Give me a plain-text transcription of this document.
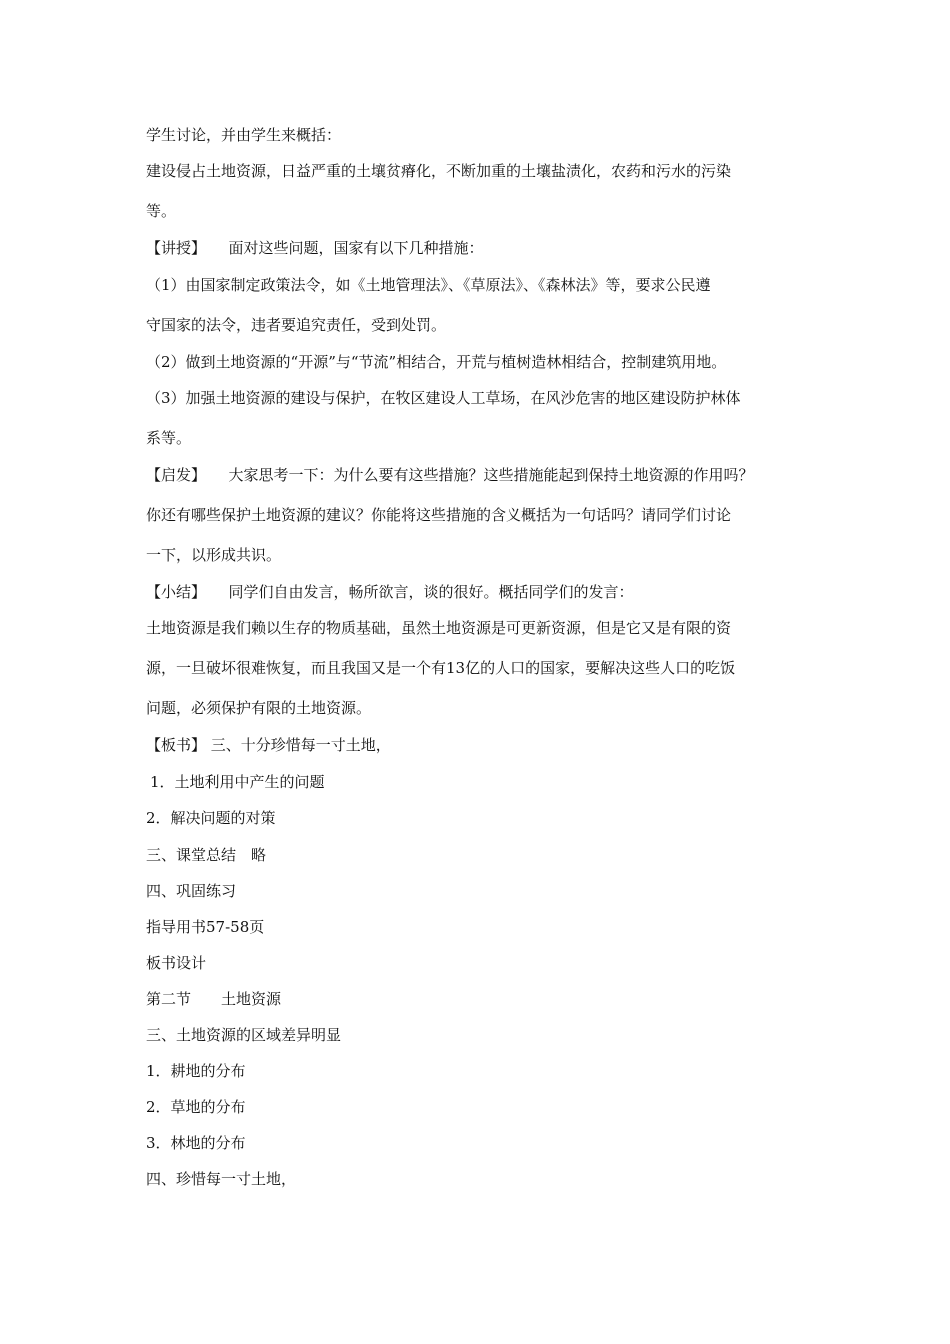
学生讨论，并由学生来概括：
建设侵占土地资源，日益严重的土壤贫瘠化，不断加重的土壤盐渍化，农药和污水的污染
等。
【讲授】　　面对这些问题，国家有以下几种措施：
（1）由国家制定政策法令，如《土地管理法》、《草原法》、《森林法》等，要求公民遵
守国家的法令，违者要追究责任，受到处罚。
（2）做到土地资源的“开源”与“节流”相结合，开荒与植树造林相结合，控制建筑用地。
（3）加强土地资源的建设与保护，在牧区建设人工草场，在风沙危害的地区建设防护林体
系等。
【启发】　　大家思考一下：为什么要有这些措施？这些措施能起到保持土地资源的作用吗？
你还有哪些保护土地资源的建议？你能将这些措施的含义概括为一句话吗？请同学们讨论
一下，以形成共识。
【小结】　　同学们自由发言，畅所欲言，谈的很好。概括同学们的发言：
土地资源是我们赖以生存的物质基础，虽然土地资源是可更新资源，但是它又是有限的资
源，一旦破坏很难恢复，而且我国又是一个有13亿的人口的国家，要解决这些人口的吃饭
问题，必须保护有限的土地资源。
【板书】 三、十分珍惜每一寸土地，
1．土地利用中产生的问题
2．解决问题的对策
三、课堂总结　略
四、巩固练习
指导用书57-58页
板书设计
第二节　　土地资源
三、土地资源的区域差异明显
1．耕地的分布
2．草地的分布
3．林地的分布
四、珍惜每一寸土地，
